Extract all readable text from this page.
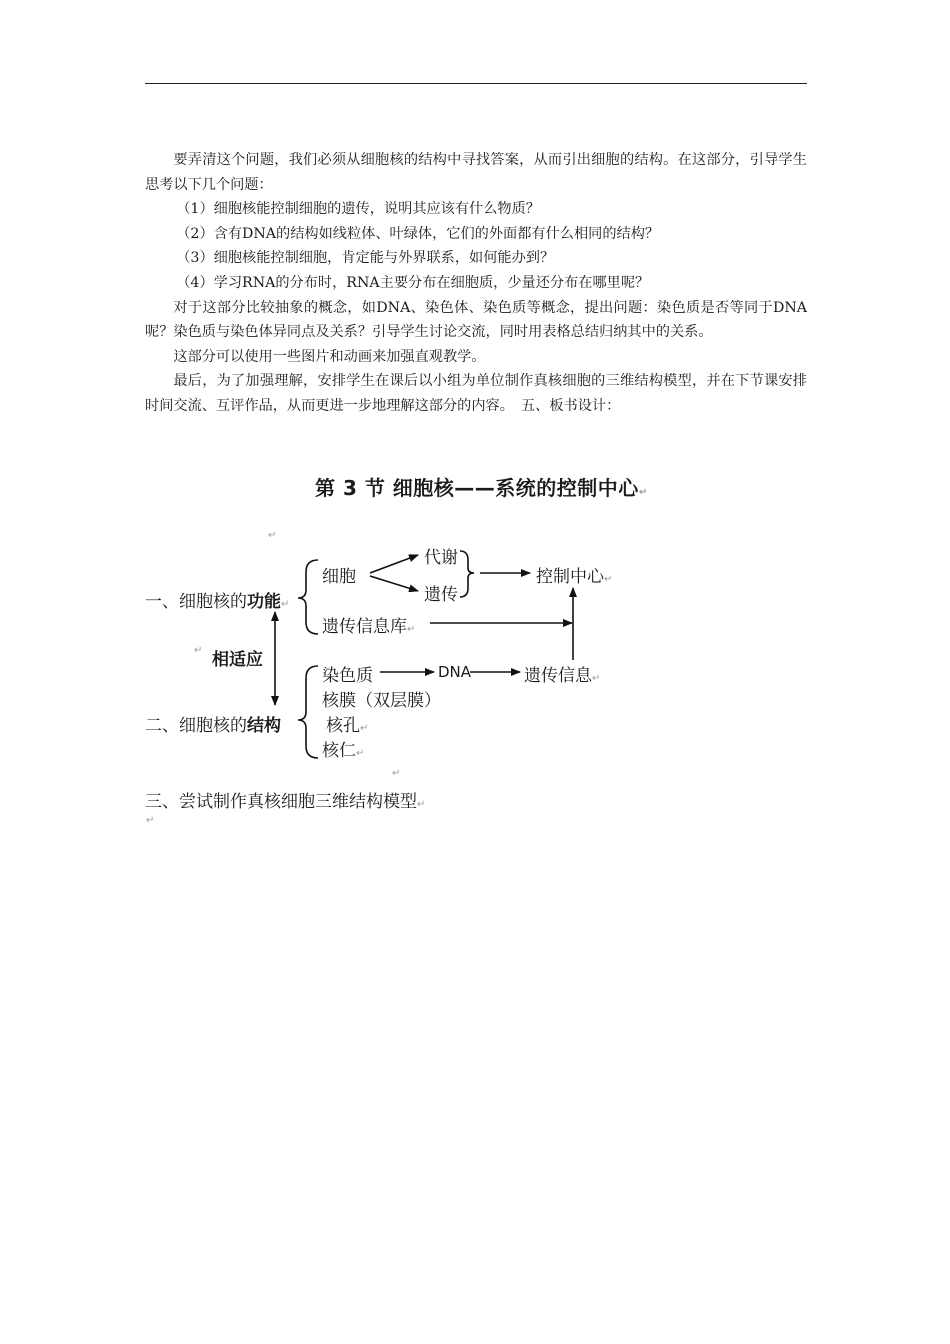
要弄清这个问题，我们必须从细胞核的结构中寻找答案，从而引出细胞的结构。在这部分，引导学生思考以下几个问题：

（1）细胞核能控制细胞的遗传，说明其应该有什么物质？

（2）含有DNA的结构如线粒体、叶绿体，它们的外面都有什么相同的结构？

（3）细胞核能控制细胞，肯定能与外界联系，如何能办到？

（4）学习RNA的分布时，RNA主要分布在细胞质，少量还分布在哪里呢？

对于这部分比较抽象的概念，如DNA、染色体、染色质等概念，提出问题：染色质是否等同于DNA呢？染色质与染色体异同点及关系？引导学生讨论交流，同时用表格总结归纳其中的关系。

这部分可以使用一些图片和动画来加强直观教学。

最后，为了加强理解，安排学生在课后以小组为单位制作真核细胞的三维结构模型，并在下节课安排时间交流、互评作品，从而更进一步地理解这部分的内容。　五、板书设计：

第 3 节 细胞核——系统的控制中心↵
一、细胞核的功能↵
细胞
代谢
遗传
控制中心↵
遗传信息库↵
相适应
染色质	DNA	遗传信息↵
核膜（双层膜）
二、细胞核的结构	核孔↵
核仁↵
三、尝试制作真核细胞三维结构模型↵
↵
↵
↵
↵
